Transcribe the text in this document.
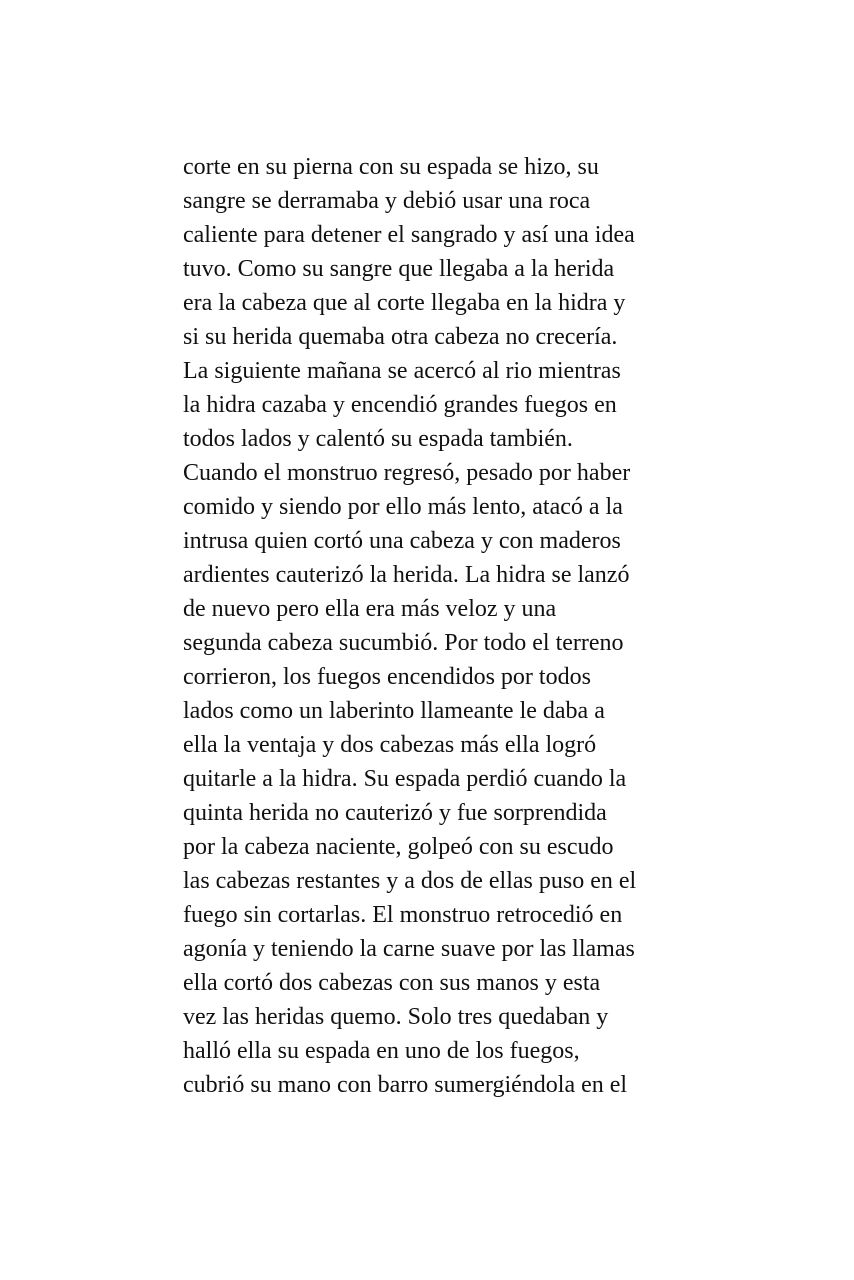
corte en su pierna con su espada se hizo, su
sangre se derramaba y debió usar una roca
caliente para detener el sangrado y así una idea
tuvo. Como su sangre que llegaba a la herida
era la cabeza que al corte llegaba en la hidra y
si su herida quemaba otra cabeza no crecería.
La siguiente mañana se acercó al rio mientras
la hidra cazaba y encendió grandes fuegos en
todos lados y calentó su espada también.
Cuando el monstruo regresó, pesado por haber
comido y siendo por ello más lento, atacó a la
intrusa quien cortó una cabeza y con maderos
ardientes cauterizó la herida. La hidra se lanzó
de nuevo pero ella era más veloz y una
segunda cabeza sucumbió. Por todo el terreno
corrieron, los fuegos encendidos por todos
lados como un laberinto llameante le daba a
ella la ventaja y dos cabezas más ella logró
quitarle a la hidra. Su espada perdió cuando la
quinta herida no cauterizó y fue sorprendida
por la cabeza naciente, golpeó con su escudo
las cabezas restantes y a dos de ellas puso en el
fuego sin cortarlas. El monstruo retrocedió en
agonía y teniendo la carne suave por las llamas
ella cortó dos cabezas con sus manos y esta
vez las heridas quemo. Solo tres quedaban y
halló ella su espada en uno de los fuegos,
cubrió su mano con barro sumergiéndola en el
